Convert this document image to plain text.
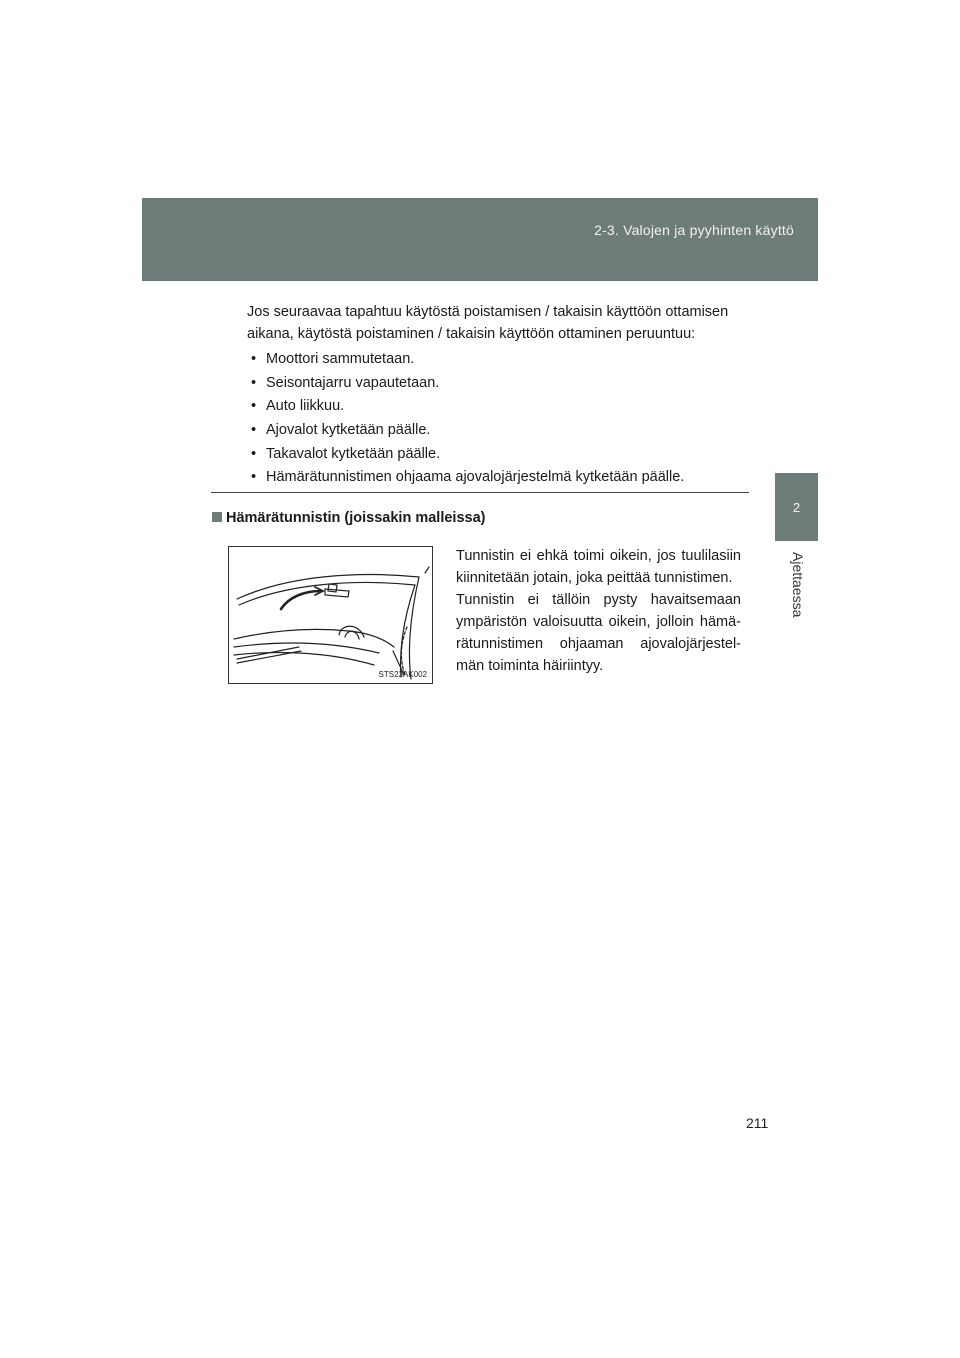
2-3. Valojen ja pyyhinten käyttö
2
Ajettaessa

Jos seuraavaa tapahtuu käytöstä poistamisen / takaisin käyttöön ottamisen aikana, käytöstä poistaminen / takaisin käyttöön ottaminen peruuntuu:

• Moottori sammutetaan.
• Seisontajarru vapautetaan.
• Auto liikkuu.
• Ajovalot kytketään päälle.
• Takavalot kytketään päälle.
• Hämärätunnistimen ohjaama ajovalojärjestelmä kytketään päälle.
Hämärätunnistin (joissakin malleissa)
STS23AK002

Tunnistin ei ehkä toimi oikein, jos tuulilasiin kiinnitetään jotain, joka peittää tunnistimen.

Tunnistin ei tällöin pysty havaitsemaan ympäristön valoisuutta oikein, jolloin hämä-rätunnistimen ohjaaman ajovalojärjestel-män toiminta häiriintyy.

211
